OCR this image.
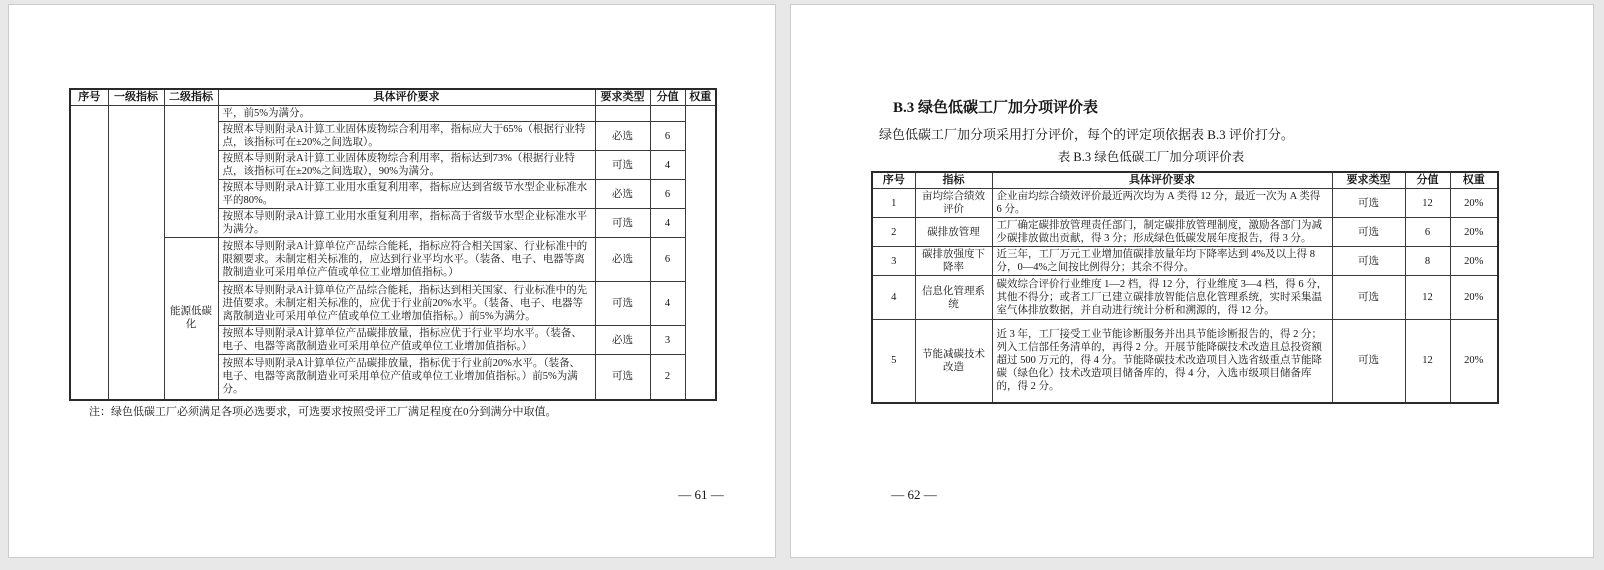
序号	一级指标	二级指标	具体评价要求	要求类型	分值	权重
			平，前5%为满分。			
			按照本导则附录A计算工业固体废物综合利用率，指标应大于65%（根据行业特点，该指标可在±20%之间选取）。	必选	6	
			按照本导则附录A计算工业固体废物综合利用率，指标达到73%（根据行业特点，该指标可在±20%之间选取），90%为满分。	可选	4	
			按照本导则附录A计算工业用水重复利用率，指标应达到省级节水型企业标准水平的80%。	必选	6	
			按照本导则附录A计算工业用水重复利用率，指标高于省级节水型企业标准水平为满分。	可选	4	
		能源低碳化	按照本导则附录A计算单位产品综合能耗，指标应符合相关国家、行业标准中的限额要求。未制定相关标准的，应达到行业平均水平。（装备、电子、电器等离散制造业可采用单位产值或单位工业增加值指标。）	必选	6	
			按照本导则附录A计算单位产品综合能耗，指标达到相关国家、行业标准中的先进值要求。未制定相关标准的，应优于行业前20%水平。（装备、电子、电器等离散制造业可采用单位产值或单位工业增加值指标。）前5%为满分。	可选	4	
			按照本导则附录A计算单位产品碳排放量，指标应优于行业平均水平。（装备、电子、电器等离散制造业可采用单位产值或单位工业增加值指标。）	必选	3	
			按照本导则附录A计算单位产品碳排放量，指标优于行业前20%水平。（装备、电子、电器等离散制造业可采用单位产值或单位工业增加值指标。）前5%为满分。	可选	2	
注：绿色低碳工厂必须满足各项必选要求，可选要求按照受评工厂满足程度在0分到满分中取值。
— 61 —
B.3 绿色低碳工厂加分项评价表
绿色低碳工厂加分项采用打分评价，每个的评定项依据表 B.3 评价打分。
表 B.3 绿色低碳工厂加分项评价表
序号	指标	具体评价要求	要求类型	分值	权重
1	亩均综合绩效评价	企业亩均综合绩效评价最近两次均为 A 类得 12 分，最近一次为 A 类得 6 分。	可选	12	20%
2	碳排放管理	工厂确定碳排放管理责任部门，制定碳排放管理制度，激励各部门为减少碳排放做出贡献，得 3 分；形成绿色低碳发展年度报告，得 3 分。	可选	6	20%
3	碳排放强度下降率	近三年，工厂万元工业增加值碳排放量年均下降率达到 4%及以上得 8 分，0—4%之间按比例得分；其余不得分。	可选	8	20%
4	信息化管理系统	碳效综合评价行业维度 1—2 档，得 12 分，行业维度 3—4 档，得 6 分，其他不得分；或者工厂已建立碳排放智能信息化管理系统，实时采集温室气体排放数据，并自动进行统计分析和溯源的，得 12 分。	可选	12	20%
5	节能减碳技术改造	近 3 年，工厂接受工业节能诊断服务并出具节能诊断报告的，得 2 分；列入工信部任务清单的，再得 2 分。开展节能降碳技术改造且总投资额超过 500 万元的，得 4 分。节能降碳技术改造项目入选省级重点节能降碳（绿色化）技术改造项目储备库的，得 4 分，入选市级项目储备库的，得 2 分。	可选	12	20%
— 62 —
